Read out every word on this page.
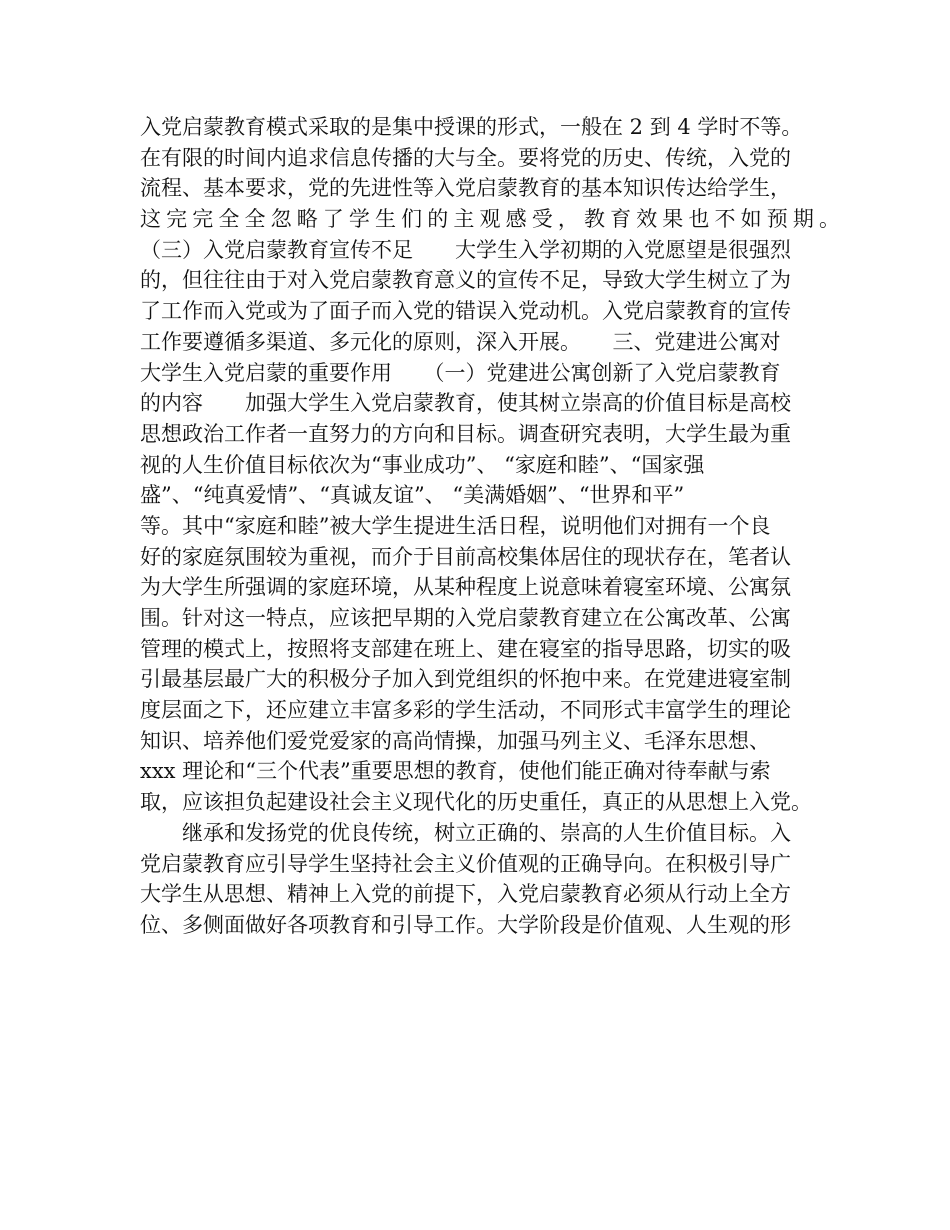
入党启蒙教育模式采取的是集中授课的形式，一般在 2 到 4 学时不等。
在有限的时间内追求信息传播的大与全。要将党的历史、传统，入党的
流程、基本要求，党的先进性等入党启蒙教育的基本知识传达给学生，
这完完全全忽略了学生们的主观感受，教育效果也不如预期。
（三）入党启蒙教育宣传不足　　大学生入学初期的入党愿望是很强烈
的，但往往由于对入党启蒙教育意义的宣传不足，导致大学生树立了为
了工作而入党或为了面子而入党的错误入党动机。入党启蒙教育的宣传
工作要遵循多渠道、多元化的原则，深入开展。　　三、党建进公寓对
大学生入党启蒙的重要作用　　（一）党建进公寓创新了入党启蒙教育
的内容　　加强大学生入党启蒙教育，使其树立崇高的价值目标是高校
思想政治工作者一直努力的方向和目标。调查研究表明，大学生最为重
视的人生价值目标依次为“事业成功”、 “家庭和睦”、“国家强
盛”、“纯真爱情”、“真诚友谊”、 “美满婚姻”、“世界和平”
等。其中“家庭和睦”被大学生提进生活日程，说明他们对拥有一个良
好的家庭氛围较为重视，而介于目前高校集体居住的现状存在，笔者认
为大学生所强调的家庭环境，从某种程度上说意味着寝室环境、公寓氛
围。针对这一特点，应该把早期的入党启蒙教育建立在公寓改革、公寓
管理的模式上，按照将支部建在班上、建在寝室的指导思路，切实的吸
引最基层最广大的积极分子加入到党组织的怀抱中来。在党建进寝室制
度层面之下，还应建立丰富多彩的学生活动，不同形式丰富学生的理论
知识、培养他们爱党爱家的高尚情操，加强马列主义、毛泽东思想、
xxx 理论和“三个代表”重要思想的教育，使他们能正确对待奉献与索
取，应该担负起建设社会主义现代化的历史重任，真正的从思想上入党。
继承和发扬党的优良传统，树立正确的、崇高的人生价值目标。入
党启蒙教育应引导学生坚持社会主义价值观的正确导向。在积极引导广
大学生从思想、精神上入党的前提下，入党启蒙教育必须从行动上全方
位、多侧面做好各项教育和引导工作。大学阶段是价值观、人生观的形
